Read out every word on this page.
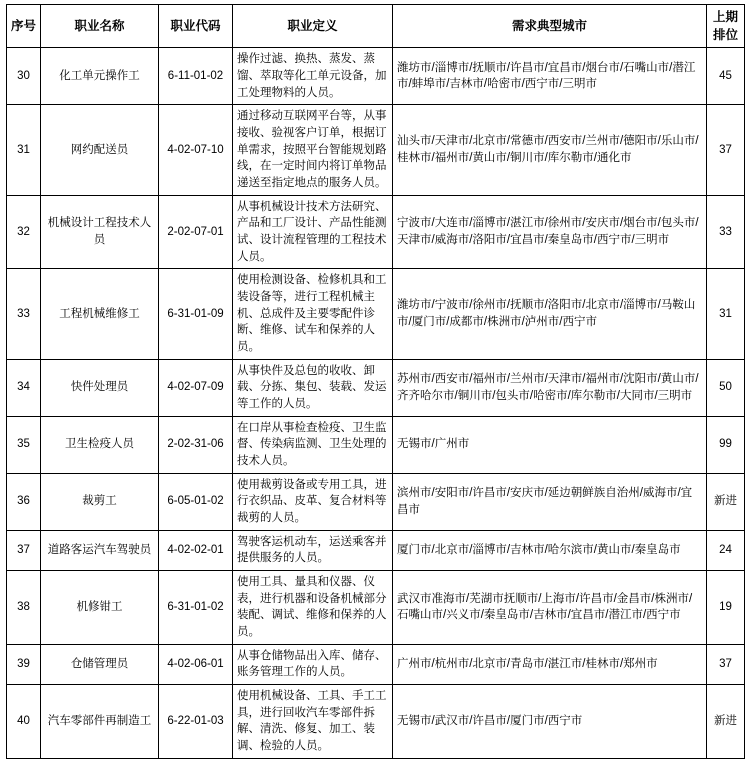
序号	职业名称	职业代码	职业定义	需求典型城市	上期
排位

30	化工单元操作工	6-11-01-02	操作过滤、换热、蒸发、蒸馏、萃取等化工单元设备，加工处理物料的人员。	潍坊市/淄博市/抚顺市/许昌市/宜昌市/烟台市/石嘴山市/潜江市/蚌埠市/吉林市/哈密市/西宁市/三明市	45
31	网约配送员	4-02-07-10	通过移动互联网平台等，从事接收、验视客户订单，根据订单需求，按照平台智能规划路线，在一定时间内将订单物品递送至指定地点的服务人员。	汕头市/天津市/北京市/常德市/西安市/兰州市/德阳市/乐山市/桂林市/福州市/黄山市/铜川市/库尔勒市/通化市	37
32	机械设计工程技术人员	2-02-07-01	从事机械设计技术方法研究、产品和工厂设计、产品性能测试、设计流程管理的工程技术人员。	宁波市/大连市/淄博市/湛江市/徐州市/安庆市/烟台市/包头市/天津市/威海市/洛阳市/宜昌市/秦皇岛市/西宁市/三明市	33
33	工程机械维修工	6-31-01-09	使用检测设备、检修机具和工装设备等，进行工程机械主机、总成件及主要零配件诊断、维修、试车和保养的人员。	潍坊市/宁波市/徐州市/抚顺市/洛阳市/北京市/淄博市/马鞍山市/厦门市/成都市/株洲市/泸州市/西宁市	31
34	快件处理员	4-02-07-09	从事快件及总包的收收、卸载、分拣、集包、装载、发运等工作的人员。	苏州市/西安市/福州市/兰州市/天津市/福州市/沈阳市/黄山市/齐齐哈尔市/铜川市/包头市/哈密市/库尔勒市/大同市/三明市	50
35	卫生检疫人员	2-02-31-06	在口岸从事检查检疫、卫生监督、传染病监测、卫生处理的技术人员。	无锡市/广州市	99
36	裁剪工	6-05-01-02	使用裁剪设备或专用工具，进行衣织品、皮革、复合材料等裁剪的人员。	滨州市/安阳市/许昌市/安庆市/延边朝鲜族自治州/威海市/宜昌市	新进
37	道路客运汽车驾驶员	4-02-02-01	驾驶客运机动车，运送乘客并提供服务的人员。	厦门市/北京市/淄博市/吉林市/哈尔滨市/黄山市/秦皇岛市	24
38	机修钳工	6-31-01-02	使用工具、量具和仪器、仪表，进行机器和设备机械部分装配、调试、维修和保养的人员。	武汉市准海市/芜湖市抚顺市/上海市/许昌市/金昌市/株洲市/石嘴山市/兴义市/秦皇岛市/吉林市/宜昌市/潜江市/西宁市	19
39	仓储管理员	4-02-06-01	从事仓储物品出入库、储存、账务管理工作的人员。	广州市/杭州市/北京市/青岛市/湛江市/桂林市/郑州市	37
40	汽车零部件再制造工	6-22-01-03	使用机械设备、工具、手工工具，进行回收汽车零部件拆解、清洗、修复、加工、装调、检验的人员。	无锡市/武汉市/许昌市/厦门市/西宁市	新进
